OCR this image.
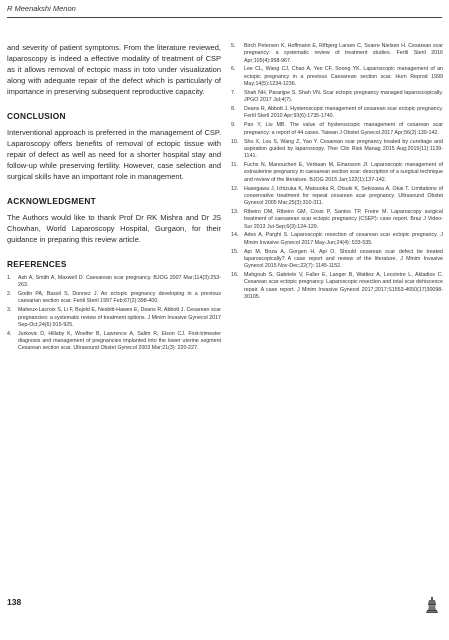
R Meenakshi Menon

and severity of patient symptoms. From the literature reviewed, laparoscopy is indeed a effective modality of treatment of CSP as it allows removal of ectopic mass in toto under visualization along with adequate repair of the defect which is particularly of importance in preserving subsequent reproductive capacity.

CONCLUSION

Interventional approach is preferred in the management of CSP. Laparoscopy offers benefits of removal of ectopic tissue with repair of defect as well as need for a shorter hospital stay and follow-up while preserving fertility. However, case selection and surgical skills have an important role in management.

ACKNOWLEDGMENT

The Authors would like to thank Prof Dr RK Mishra and Dr JS Chowhan, World Laparoscopy Hospital, Gurgaon, for their guidance in preparing this review article.

REFERENCES
1. Ash A, Smith A, Maxwell D. Caesarean scar pregnancy. BJOG 2007 Mar;114(3):253-263.
2. Godin PA, Bassil S, Donnez J. An ectopic pregnancy developing in a previous caesarian section scar. Fertil Steril 1997 Feb;67(2):398-400.
3. Maheux-Lacroix S, Li F, Bujold E, Nesbitt-Hawes E, Deans R, Abbott J. Cesarean scar pregnancies: a systematic review of treatment options. J Minim Invasive Gynecol 2017 Sep-Oct;24(6):915-925.
4. Jurkovic D, Hillaby K, Woelfer B, Lawrence A, Salim R, Elson CJ. First-trimester diagnosis and management of pregnancies implanted into the lower uterine segment Cesarean section scar. Ultrasound Obstet Gynecol 2003 Mar;21(3): 220-227.
5. Birch Petersen K, Hoffmann E, Rifbjerg Larsen C, Svarre Nielsen H. Cesarean scar pregnancy: a systematic review of treatment studies. Fertil Steril 2016 Apr;105(4):958-967.
6. Lee CL, Wang CJ, Chao A, Yen CF, Soong YK. Laparoscopic management of an ectopic pregnancy in a previous Caesarean section scar. Hum Reprod 1999 May;14(5):1234-1236.
7. Shah NH, Paranjpe S, Shah VN. Scar ectopic pregnancy managed laparoscopically. JPGO 2017 Jul;4(7).
8. Deans R, Abbott J. Hysteroscopic management of cesarean scar ectopic pregnancy. Fertil Steril 2010 Apr;93(6):1735-1740.
9. Pan Y, Liu MB. The value of hysteroscopic management of cesarean scar pregnancy: a report of 44 cases. Taiwan J Obstet Gynecol 2017 Apr;56(2):139-142.
10. Shu X, Lou S, Wang Z, Yao Y. Cesarean scar pregnancy treated by curettage and aspiration guided by laparoscopy. Ther Clin Risk Manag 2015 Aug;2015(11):1139-1141.
11. Fuchs N, Manoucheri E, Verbaan M, Einarsson JI. Laparoscopic management of extrauterine pregnancy in caesarean section scar: description of a surgical technique and review of the literature. BJOG 2015 Jan;122(1):137-142.
12. Hasegawa J, Ichizuka K, Matsuoka R, Otsuki K, Sekizawa A, Okai T. Limitations of conservative treatment for repeat cesarean scar pregnancy. Ultrasound Obstet Gynecol 2005 Mar;25(3):310-311.
13. Ribeiro DM, Ribeiro GM, Cossi P, Santos TP, Freire M. Laparoscopy surgical treatment of caesarean scar ectopic pregnancy (CSEP): case report. Braz J Video-Sur 2013 Jul-Sep;6(3):124-129.
14. Ades A, Parghi S. Laparoscopic resection of cesarean scar ectopic pregnancy. J Minim Invasive Gynecol 2017 May-Jun;24(4): 533-535.
15. Api M, Boza A, Gorgen H, Api O. Should cesarean scar defect be treated laparoscopically? A case report and review of the literature. J Minim Invasive Gynecol 2015 Nov-Dec;22(7): 1145-1152.
16. Mahgoub S, Gabriele V, Faller E, Langer B, Wattiez A, Lecointre L, Akladios C. Cesarean scar ectopic pregnancy. Laparoscopic resection and total scar dehiscence repair. A case report. J Minim Invasive Gynecol 2017;2017;S1553-4650(17)30098-30105.
138
